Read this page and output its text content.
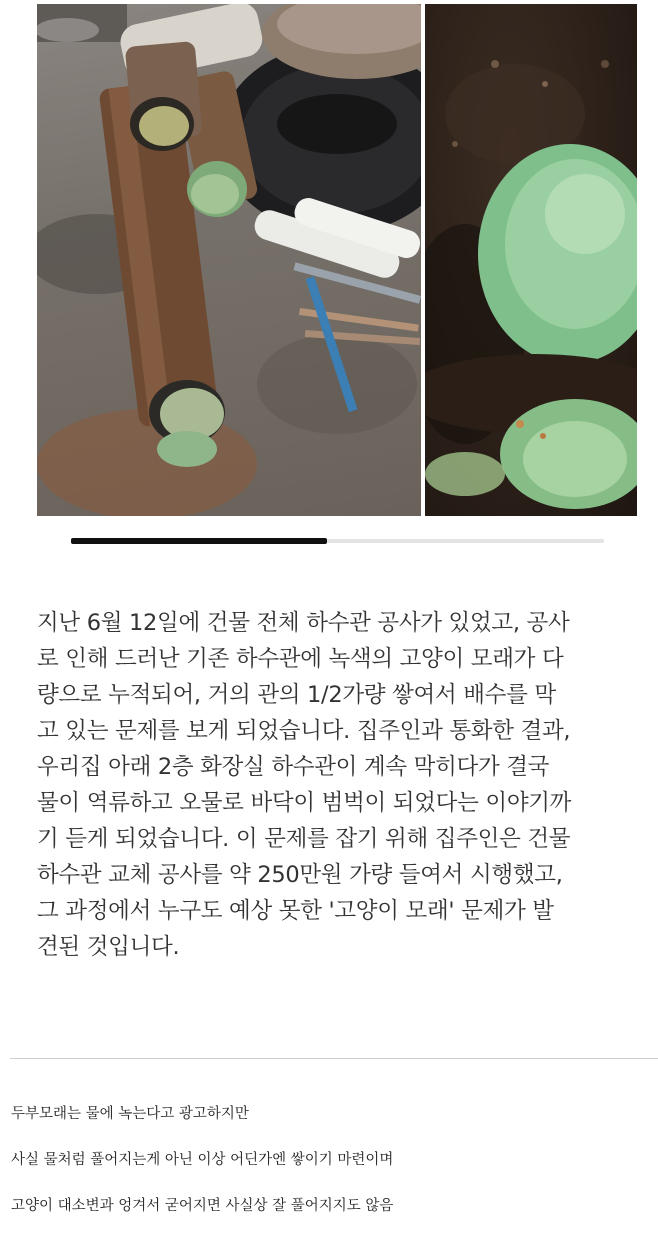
지난 6월 12일에 건물 전체 하수관 공사가 있었고, 공사
로 인해 드러난 기존 하수관에 녹색의 고양이 모래가 다
량으로 누적되어, 거의 관의 1/2가량 쌓여서 배수를 막
고 있는 문제를 보게 되었습니다. 집주인과 통화한 결과,
우리집 아래 2층 화장실 하수관이 계속 막히다가 결국
물이 역류하고 오물로 바닥이 범벅이 되었다는 이야기까
기 듣게 되었습니다. 이 문제를 잡기 위해 집주인은 건물
하수관 교체 공사를 약 250만원 가량 들여서 시행했고,
그 과정에서 누구도 예상 못한 '고양이 모래' 문제가 발
견된 것입니다.

두부모래는 물에 녹는다고 광고하지만
사실 물처럼 풀어지는게 아닌 이상 어딘가엔 쌓이기 마련이며
고양이 대소변과 엉겨서 굳어지면 사실상 잘 풀어지지도 않음
